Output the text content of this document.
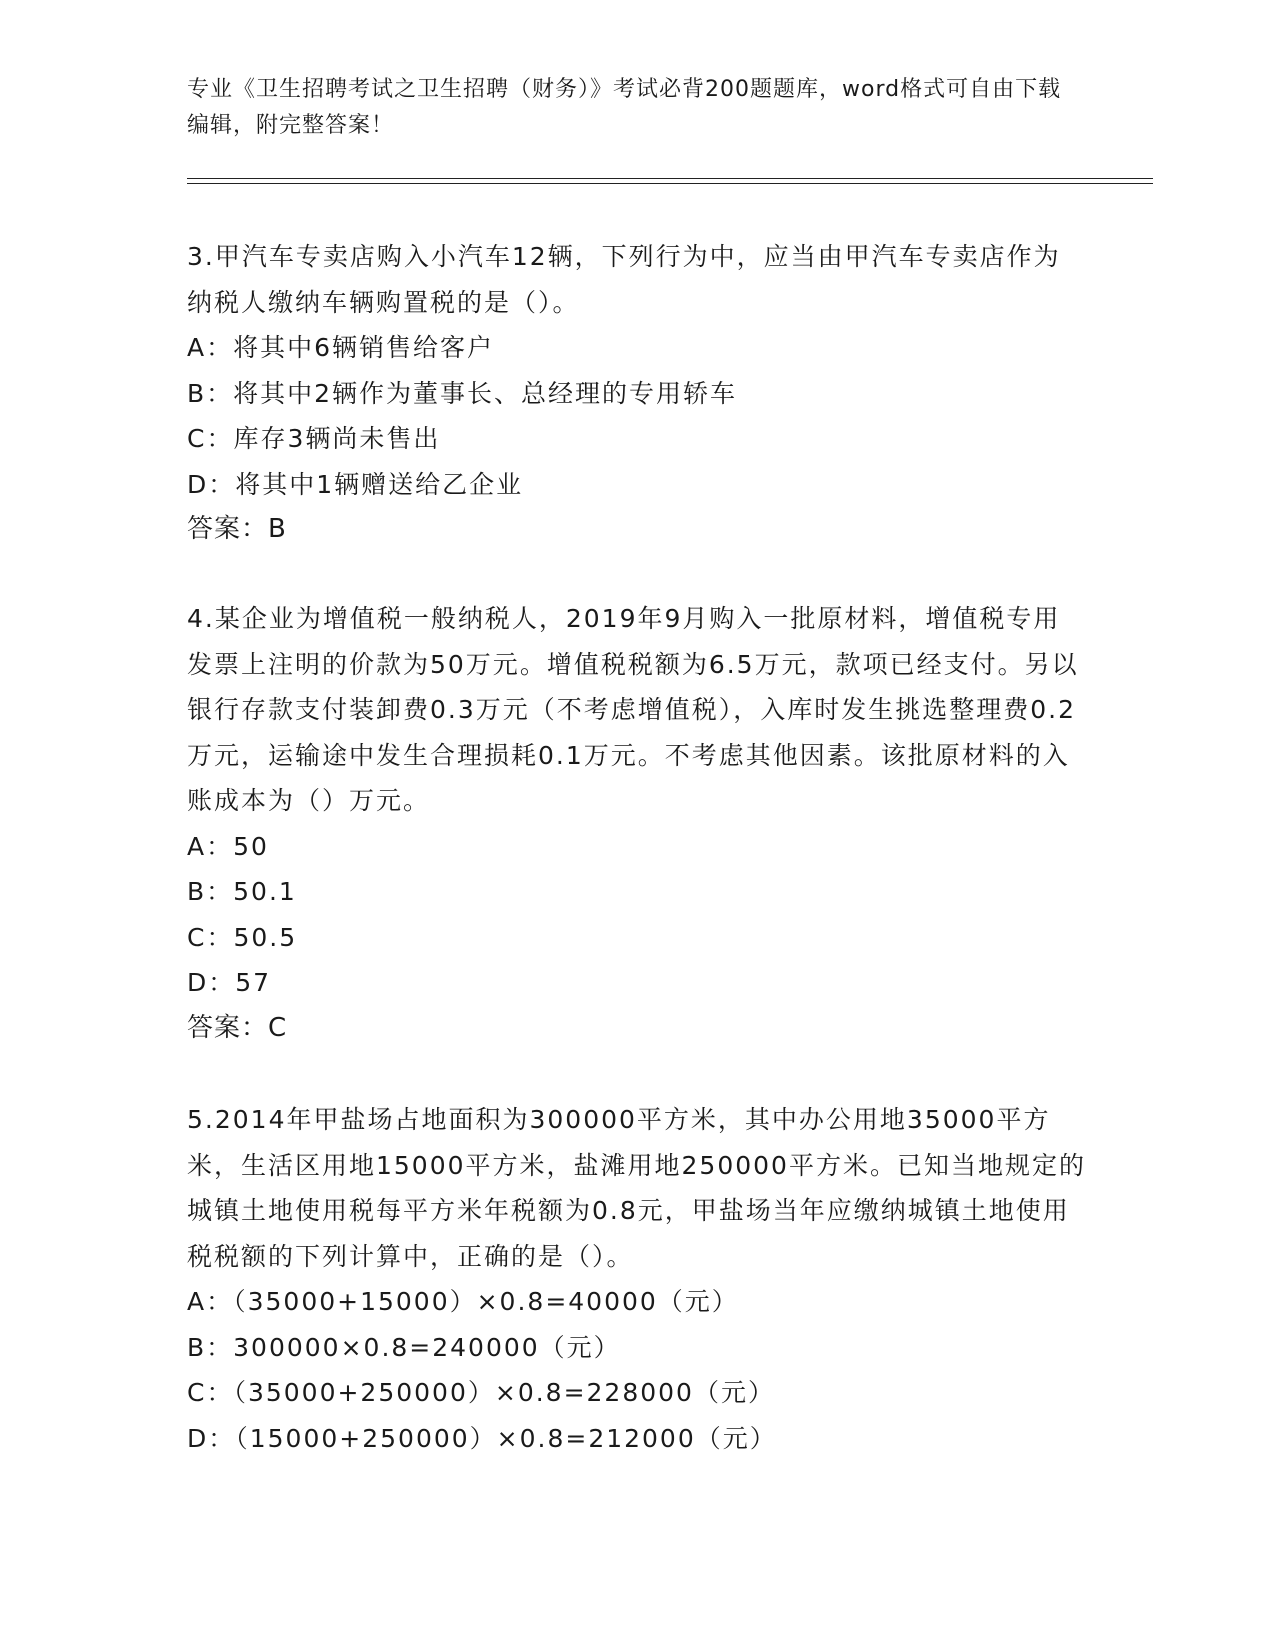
专业《卫生招聘考试之卫生招聘（财务）》考试必背200题题库，word格式可自由下载编辑，附完整答案！

3.甲汽车专卖店购入小汽车12辆，下列行为中，应当由甲汽车专卖店作为纳税人缴纳车辆购置税的是（）。

A：将其中6辆销售给客户

B：将其中2辆作为董事长、总经理的专用轿车

C：库存3辆尚未售出

D：将其中1辆赠送给乙企业

答案：B

4.某企业为增值税一般纳税人，2019年9月购入一批原材料，增值税专用发票上注明的价款为50万元。增值税税额为6.5万元，款项已经支付。另以银行存款支付装卸费0.3万元（不考虑增值税），入库时发生挑选整理费0.2万元，运输途中发生合理损耗0.1万元。不考虑其他因素。该批原材料的入账成本为（）万元。

A：50

B：50.1

C：50.5

D：57

答案：C

5.2014年甲盐场占地面积为300000平方米，其中办公用地35000平方米，生活区用地15000平方米，盐滩用地250000平方米。已知当地规定的城镇土地使用税每平方米年税额为0.8元，甲盐场当年应缴纳城镇土地使用税税额的下列计算中，正确的是（）。

A：（35000+15000）×0.8=40000（元）

B：300000×0.8=240000（元）

C：（35000+250000）×0.8=228000（元）

D：（15000+250000）×0.8=212000（元）
